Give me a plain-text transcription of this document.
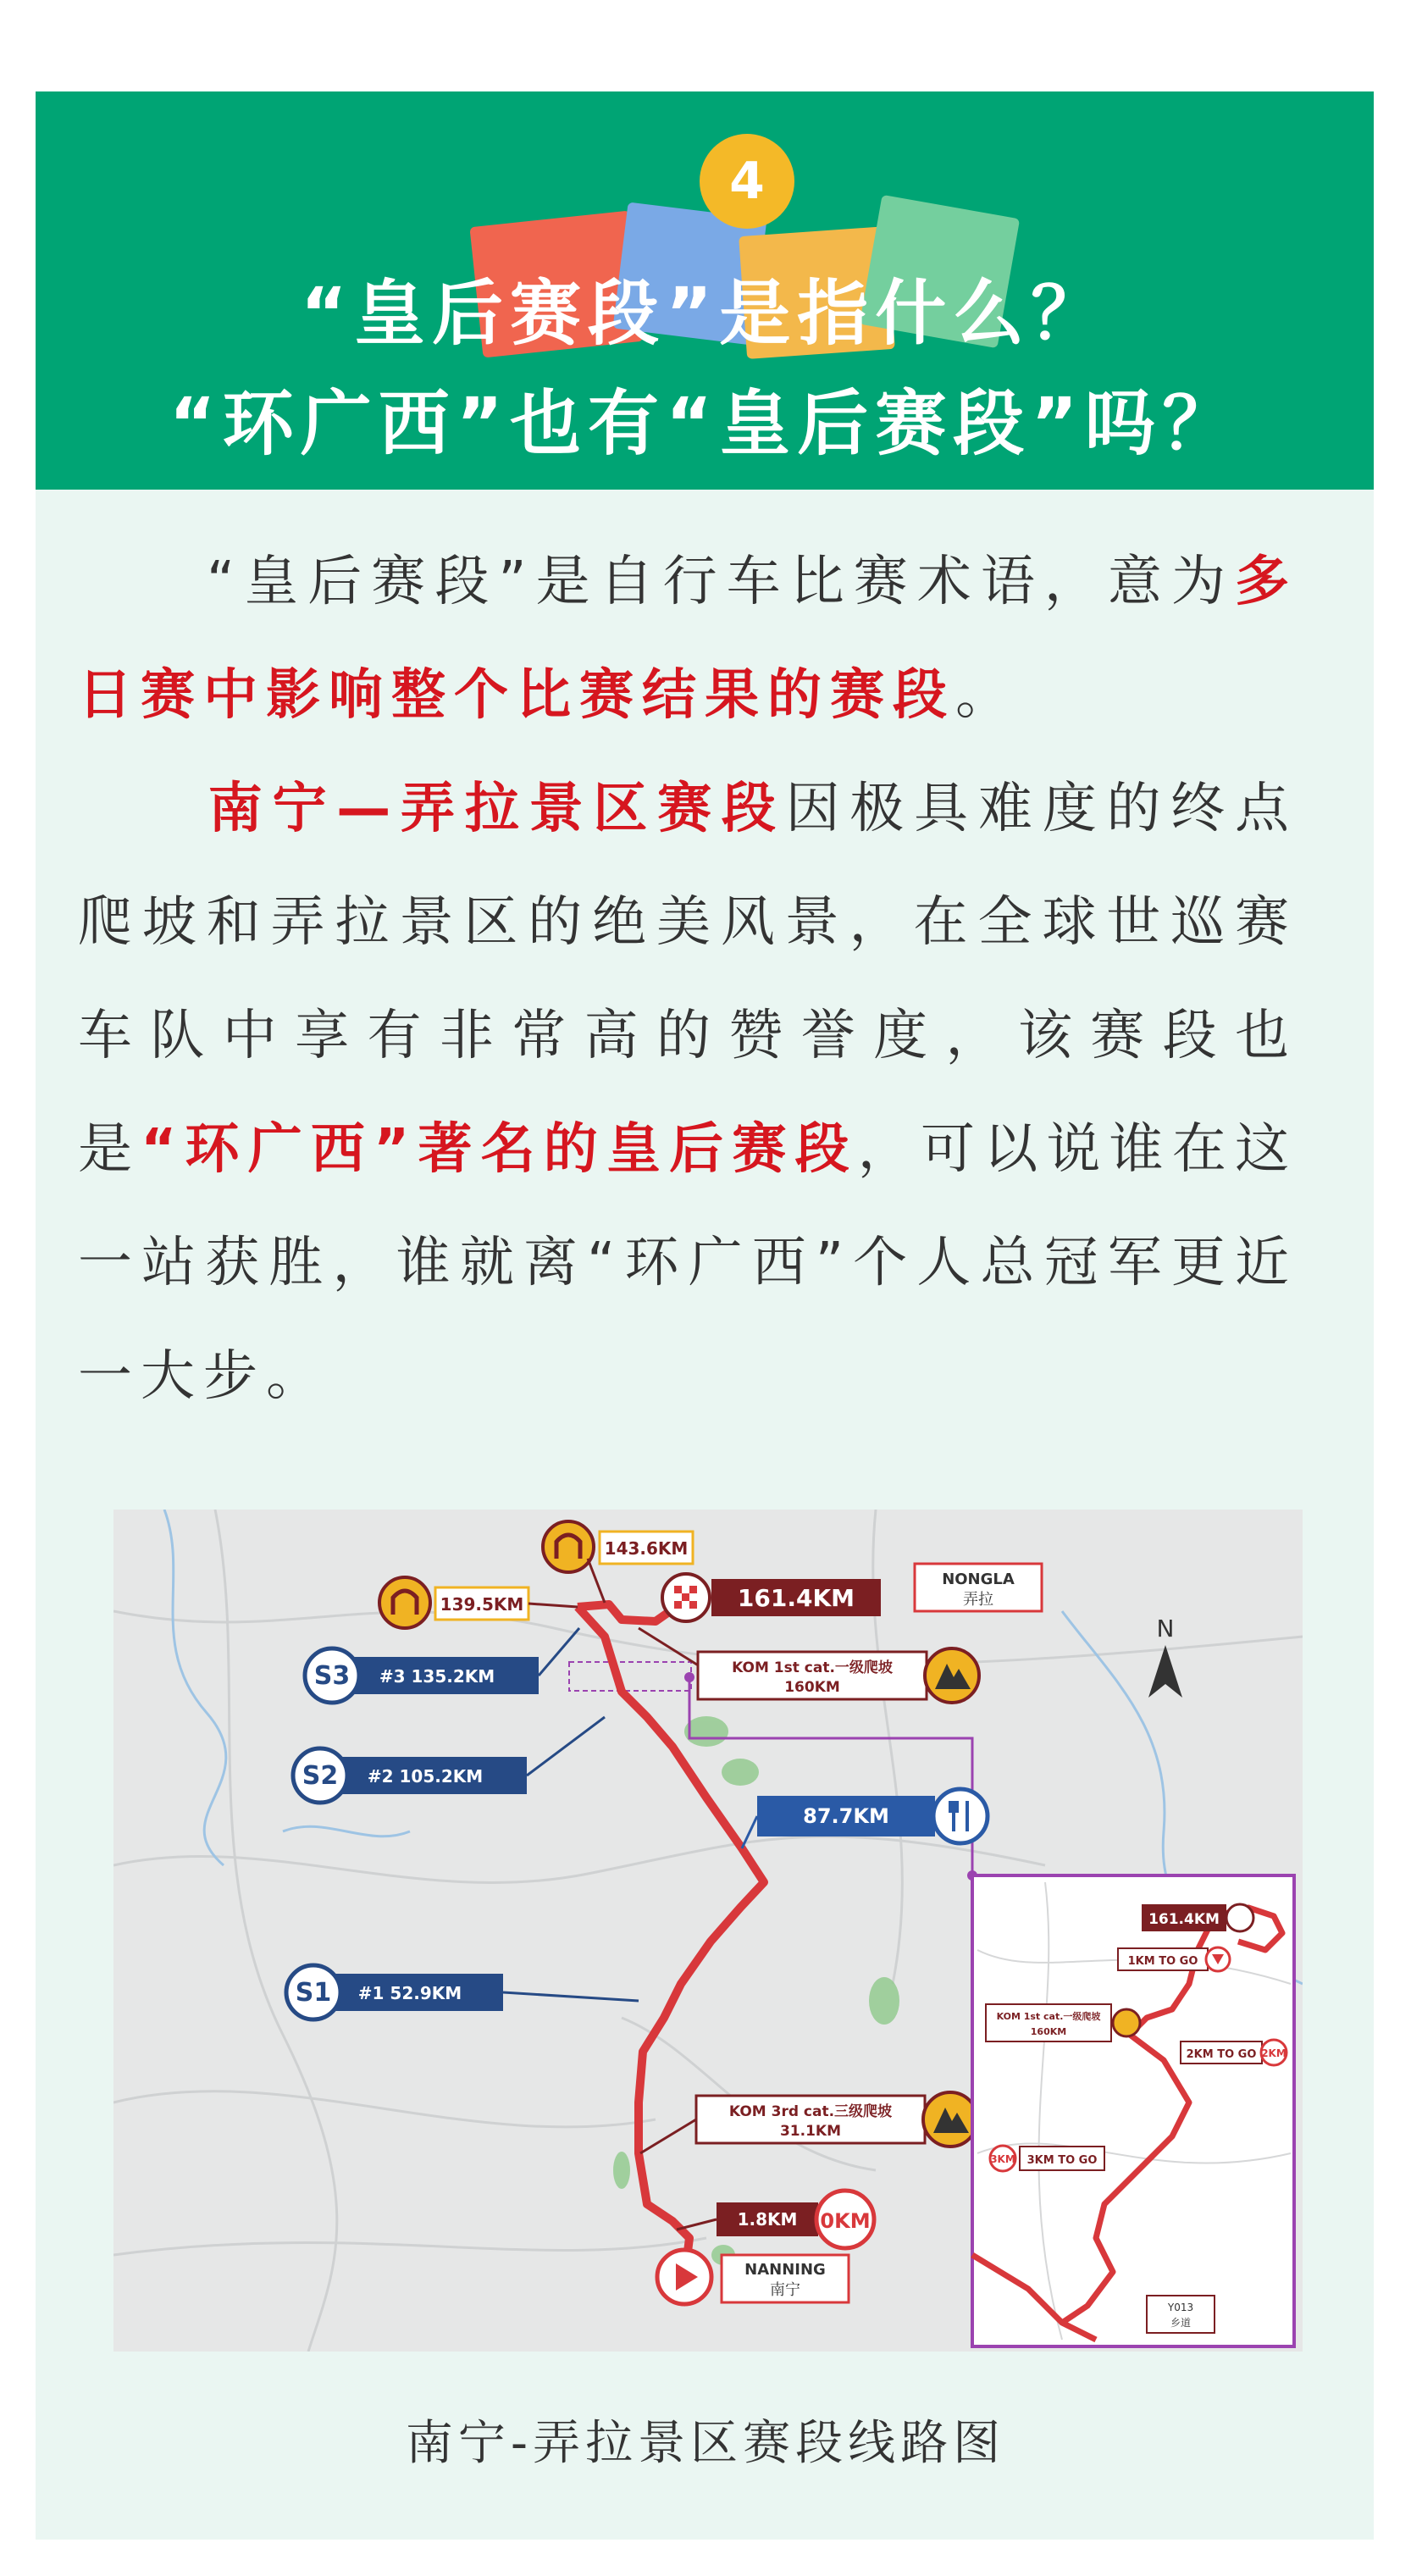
4
“皇后赛段”是指什么？
“环广西”也有“皇后赛段”吗？
“皇后赛段”是自行车比赛术语，意为多日赛中影响整个比赛结果的赛段。
南宁—弄拉景区赛段因极具难度的终点爬坡和弄拉景区的绝美风景，在全球世巡赛车队中享有非常高的赞誉度，该赛段也是“环广西”著名的皇后赛段，可以说谁在这一站获胜，谁就离“环广西”个人总冠军更近一大步。
139.5KM
143.6KM
161.4KM
NONGLA
弄拉
N
KOM 1st cat.一级爬坡
160KM
#3 135.2KM
S3
#2 105.2KM
S2
#1 52.9KM
S1
87.7KM
KOM 3rd cat.三级爬坡
31.1KM
1.8KM 0KM
NANNING
南宁
161.4KM
1KM TO GO
KOM 1st cat.一级爬坡
160KM
2KM TO GO 2KM
3KM 3KM TO GO
Y013
乡道
南宁-弄拉景区赛段线路图
